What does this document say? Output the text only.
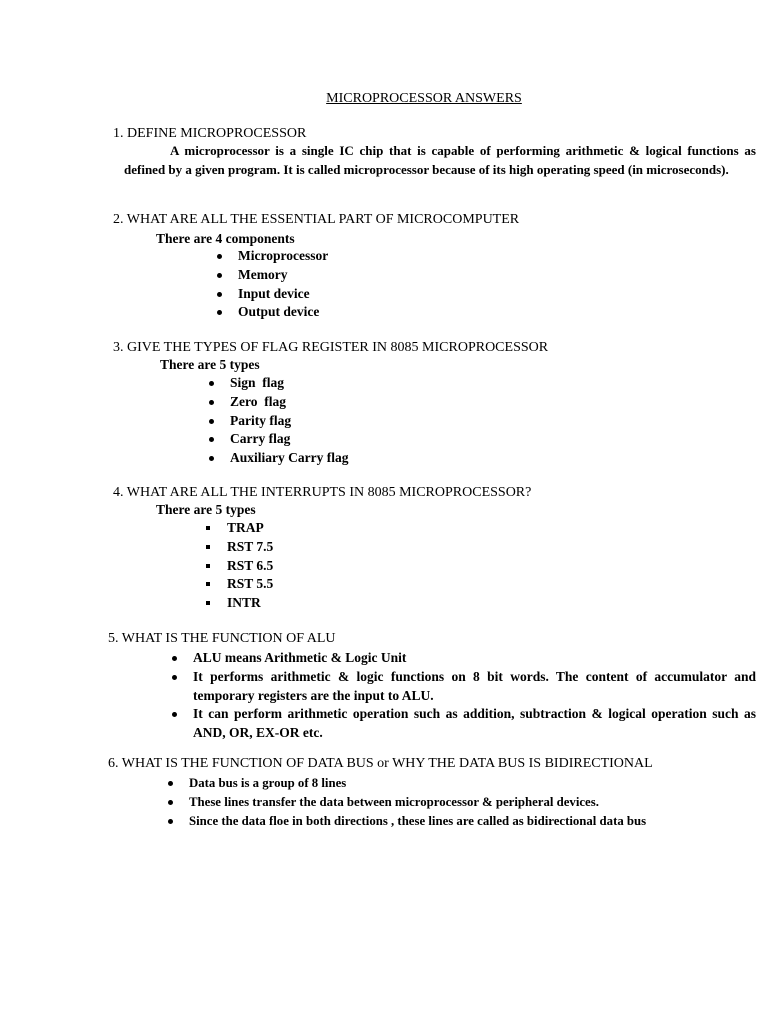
MICROPROCESSOR ANSWERS
1. DEFINE MICROPROCESSOR
A microprocessor is a single IC chip that is capable of performing arithmetic & logical functions as defined by a given program. It is called microprocessor because of its high operating speed (in microseconds).
2. WHAT ARE ALL THE ESSENTIAL PART OF MICROCOMPUTER
There are 4 components
Microprocessor
Memory
Input device
Output device
3. GIVE THE TYPES OF FLAG REGISTER IN 8085 MICROPROCESSOR
There are 5 types
Sign  flag
Zero  flag
Parity flag
Carry flag
Auxiliary Carry flag
4. WHAT ARE ALL THE INTERRUPTS IN 8085 MICROPROCESSOR?
There are 5 types
TRAP
RST 7.5
RST 6.5
RST 5.5
INTR
5. WHAT IS THE FUNCTION OF ALU
ALU means Arithmetic & Logic Unit
It performs arithmetic & logic functions on 8 bit words. The content of accumulator and temporary registers are the input to ALU.
It can perform arithmetic operation such as addition, subtraction & logical operation such as AND, OR, EX-OR etc.
6. WHAT IS THE FUNCTION OF DATA BUS or WHY THE DATA BUS IS BIDIRECTIONAL
Data bus is a group of 8 lines
These lines transfer the data between microprocessor & peripheral devices.
Since the data floe in both directions , these lines are called as bidirectional data bus
